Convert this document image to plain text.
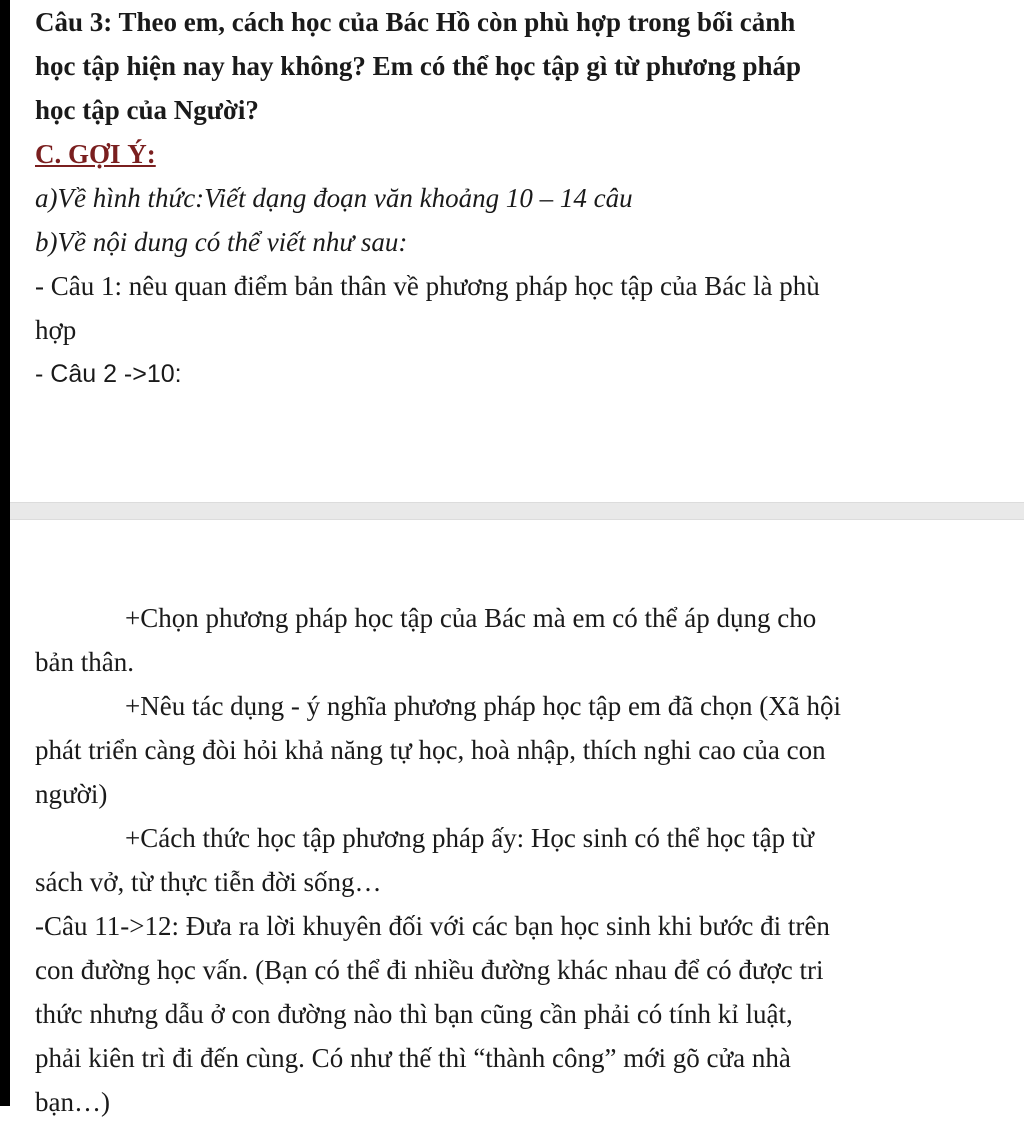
Câu 3: Theo em, cách học của Bác Hồ còn phù hợp trong bối cảnh
học tập hiện nay hay không? Em có thể học tập gì từ phương pháp
học tập của Người?
C. GỢI Ý:
a)Về hình thức:Viết dạng đoạn văn khoảng 10 – 14 câu
b)Về nội dung có thể viết như sau:
- Câu 1: nêu quan điểm bản thân về phương pháp học tập của Bác là phù
hợp
- Câu 2 ->10:
+Chọn phương pháp học tập của Bác mà em có thể áp dụng cho
bản thân.
+Nêu tác dụng - ý nghĩa phương pháp học tập em đã chọn (Xã hội
phát triển càng đòi hỏi khả năng tự học, hoà nhập, thích nghi cao của con
người)
+Cách thức học tập phương pháp ấy: Học sinh có thể học tập từ
sách vở, từ thực tiễn đời sống…
-Câu 11->12: Đưa ra lời khuyên đối với các bạn học sinh khi bước đi trên
con đường học vấn. (Bạn có thể đi nhiều đường khác nhau để có được tri
thức nhưng dẫu ở con đường nào thì bạn cũng cần phải có tính kỉ luật,
phải kiên trì đi đến cùng. Có như thế thì “thành công” mới gõ cửa nhà
bạn…)
